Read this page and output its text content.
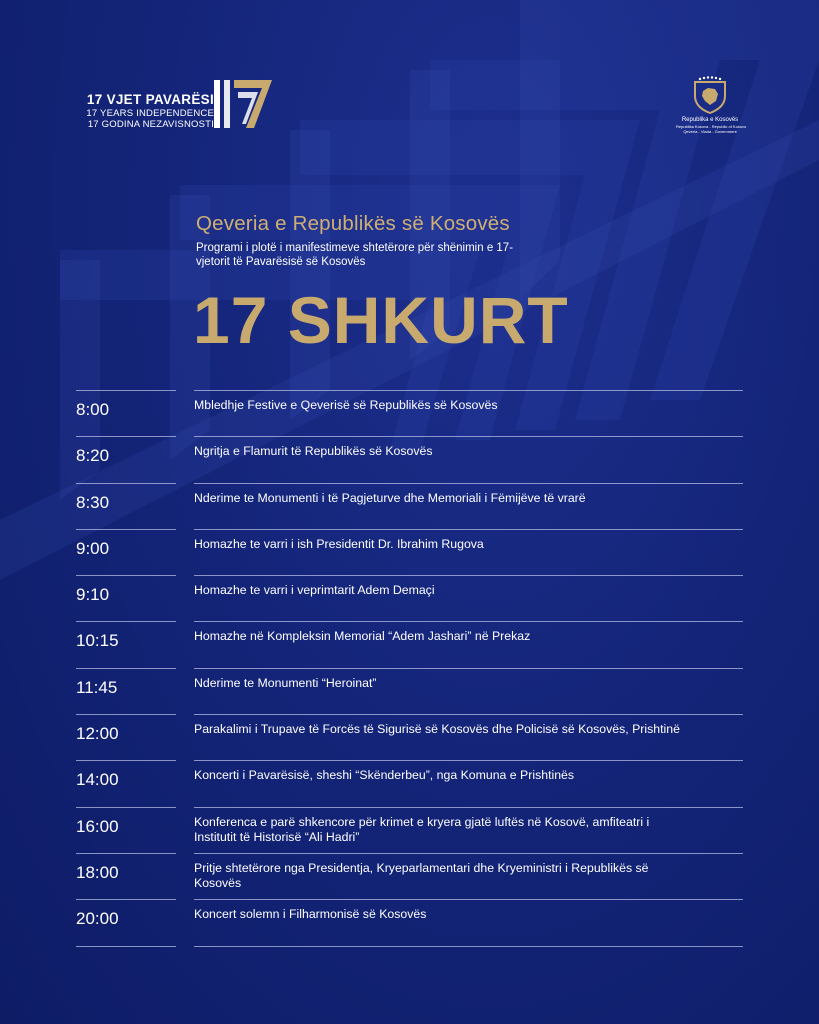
17 VJET PAVARËSI
17 YEARS INDEPENDENCE
17 GODINA NEZAVISNOSTI	Republika e Kosovës
Republika Kosova - Republic of Kosovo
Qeveria - Vlada - Government
Qeveria e Republikës së Kosovës
Programi i plotë i manifestimeve shtetërore për shënimin e 17-vjetorit të Pavarësisë së Kosovës
17 SHKURT
8:00	Mbledhje Festive e Qeverisë së Republikës së Kosovës
8:20	Ngritja e Flamurit të Republikës së Kosovës
8:30	Nderime te Monumenti i të Pagjeturve dhe Memoriali i Fëmijëve të vrarë
9:00	Homazhe te varri i ish Presidentit Dr. Ibrahim Rugova
9:10	Homazhe te varri i veprimtarit Adem Demaçi
10:15	Homazhe në Kompleksin Memorial “Adem Jashari” në Prekaz
11:45	Nderime te Monumenti “Heroinat”
12:00	Parakalimi i Trupave të Forcës të Sigurisë së Kosovës dhe Policisë së Kosovës, Prishtinë
14:00	Koncerti i Pavarësisë, sheshi “Skënderbeu”, nga Komuna e Prishtinës
16:00	Konferenca e parë shkencore për krimet e kryera gjatë luftës në Kosovë, amfiteatri i Institutit të Historisë “Ali Hadri”
18:00	Pritje shtetërore nga Presidentja, Kryeparlamentari dhe Kryeministri i Republikës së Kosovës
20:00	Koncert solemn i Filharmonisë së Kosovës
